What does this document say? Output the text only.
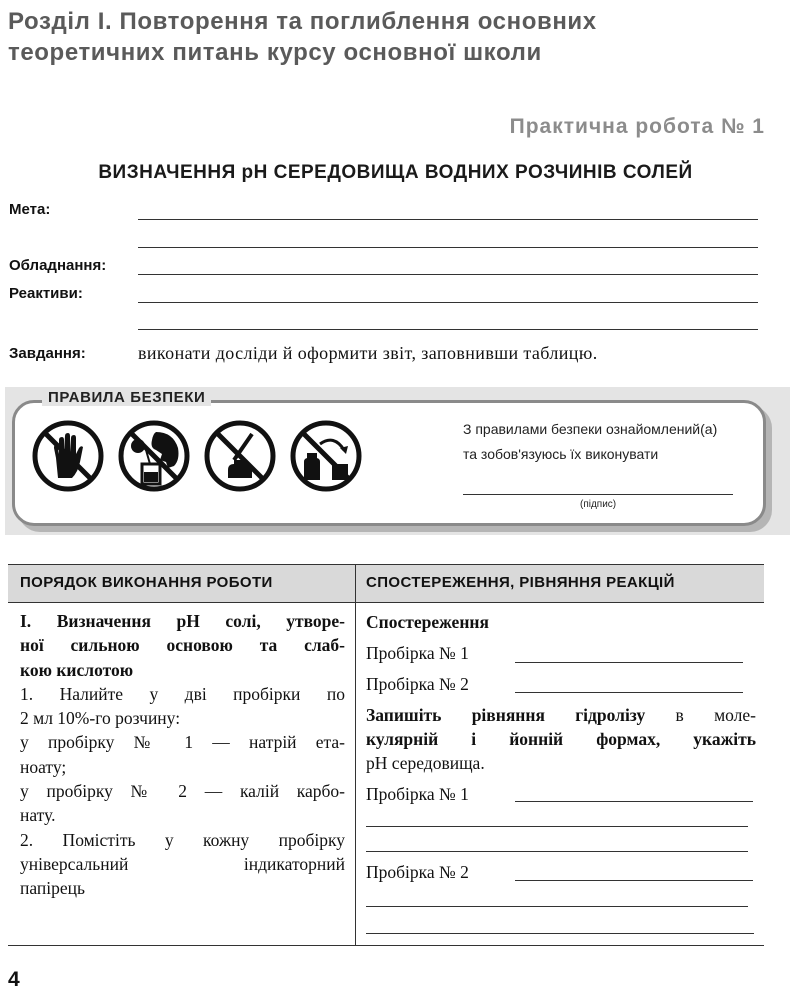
Розділ І. Повторення та поглиблення основних
теоретичних питань курсу основної школи
Практична робота № 1
ВИЗНАЧЕННЯ pH СЕРЕДОВИЩА ВОДНИХ РОЗЧИНІВ СОЛЕЙ
Мета:
Обладнання:
Реактиви:
Завдання:	виконати досліди й оформити звіт, заповнивши таблицю.
ПРАВИЛА БЕЗПЕКИ
З правилами безпеки ознайомлений(а)
та зобов'язуюсь їх виконувати
(підпис)
ПОРЯДОК ВИКОНАННЯ РОБОТИ	СПОСТЕРЕЖЕННЯ, РІВНЯННЯ РЕАКЦІЙ
І. Визначення pH солі, утворе-
ної сильною основою та слаб-
кою кислотою
1. Налийте у дві пробірки по
2 мл 10%-го розчину:
у пробірку № 1 — натрій ета-
ноату;
у пробірку № 2 — калій карбо-
нату.
2. Помістіть у кожну пробірку
універсальний індикаторний
папірець
Спостереження
Пробірка № 1
Пробірка № 2
Запишіть рівняння гідролізу в моле-
кулярній і йонній формах, укажіть
pH середовища.
Пробірка № 1
Пробірка № 2
4
